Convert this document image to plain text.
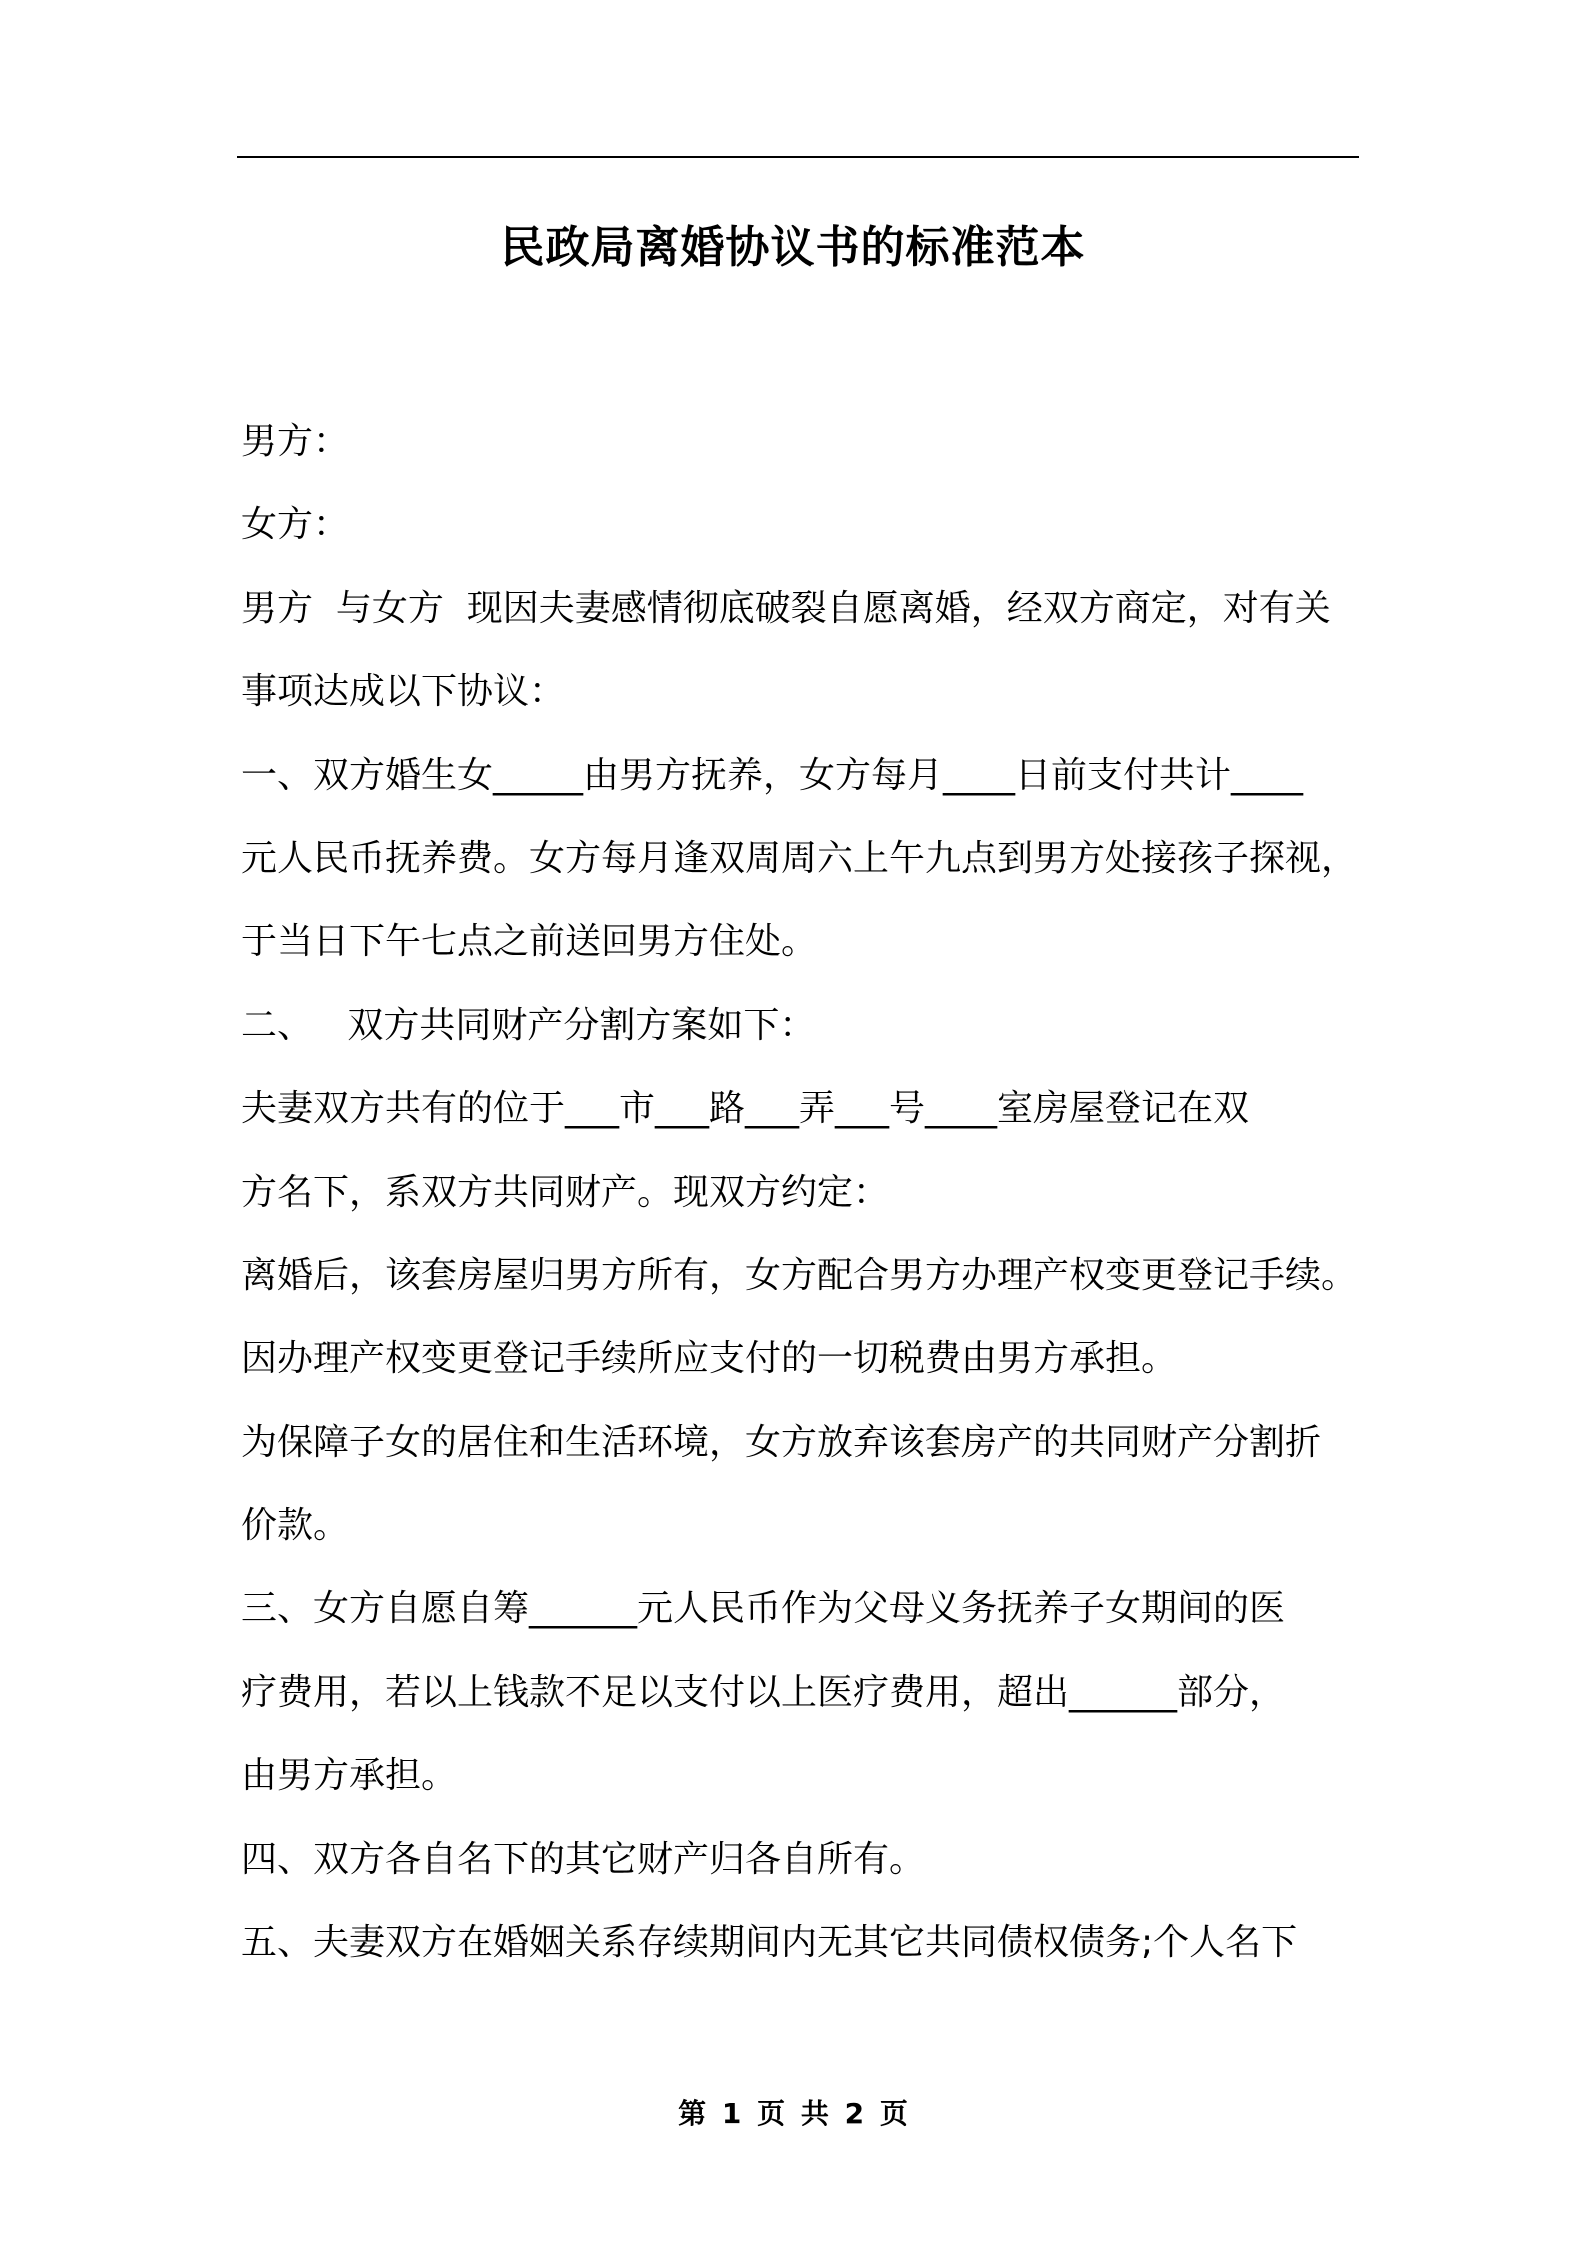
民政局离婚协议书的标准范本
男方：
女方：
男方  与女方  现因夫妻感情彻底破裂自愿离婚，经双方商定，对有关
事项达成以下协议：
一、双方婚生女_____由男方抚养，女方每月____日前支付共计____
元人民币抚养费。女方每月逢双周周六上午九点到男方处接孩子探视，
于当日下午七点之前送回男方住处。
二、   双方共同财产分割方案如下：
夫妻双方共有的位于___市___路___弄___号____室房屋登记在双
方名下，系双方共同财产。现双方约定：
离婚后，该套房屋归男方所有，女方配合男方办理产权变更登记手续。
因办理产权变更登记手续所应支付的一切税费由男方承担。
为保障子女的居住和生活环境，女方放弃该套房产的共同财产分割折
价款。
三、女方自愿自筹______元人民币作为父母义务抚养子女期间的医
疗费用，若以上钱款不足以支付以上医疗费用，超出______部分，
由男方承担。
四、双方各自名下的其它财产归各自所有。
五、夫妻双方在婚姻关系存续期间内无其它共同债权债务;个人名下
第 1 页 共 2 页
